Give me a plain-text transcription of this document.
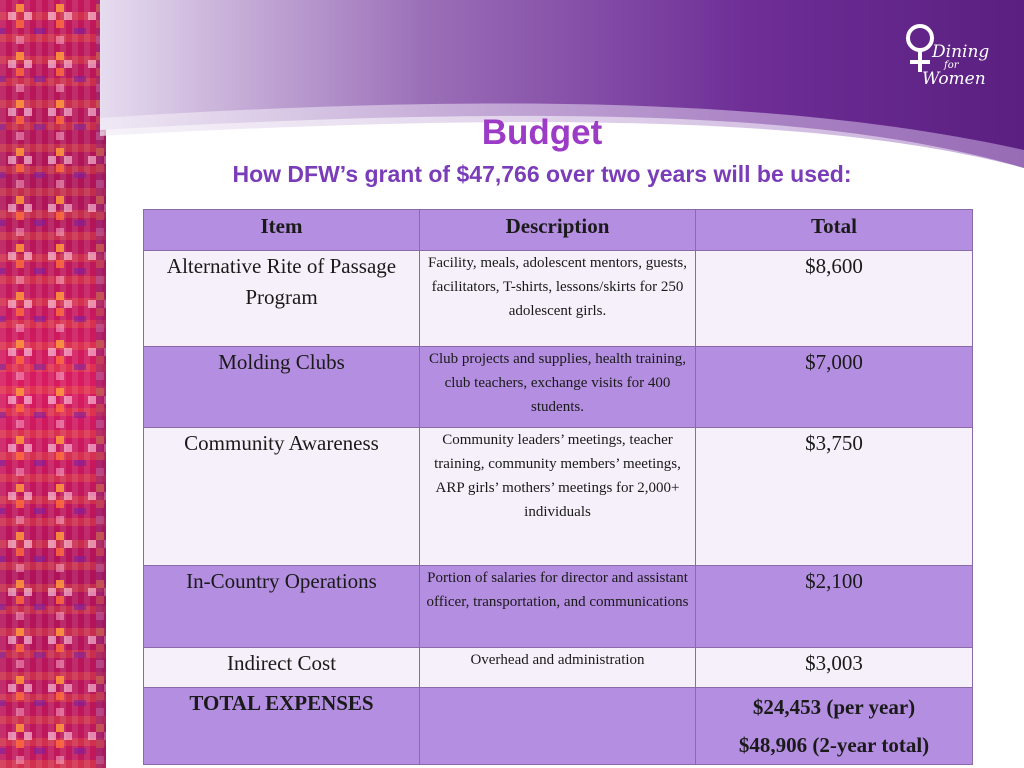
Dining
for
Women
Budget
How DFW’s grant of $47,766 over two years will be used:
Item	Description	Total
Alternative Rite of Passage Program	Facility, meals, adolescent mentors, guests, facilitators, T-shirts, lessons/skirts for 250 adolescent girls.	$8,600
Molding Clubs	Club projects and supplies, health training, club teachers, exchange visits for 400 students.	$7,000
Community Awareness	Community leaders’ meetings, teacher training, community members’ meetings, ARP girls’ mothers’ meetings for 2,000+ individuals	$3,750
In-Country Operations	Portion of salaries for director and assistant officer, transportation, and communications	$2,100
Indirect Cost	Overhead and administration	$3,003
TOTAL EXPENSES		$24,453 (per year)
$48,906 (2-year total)
